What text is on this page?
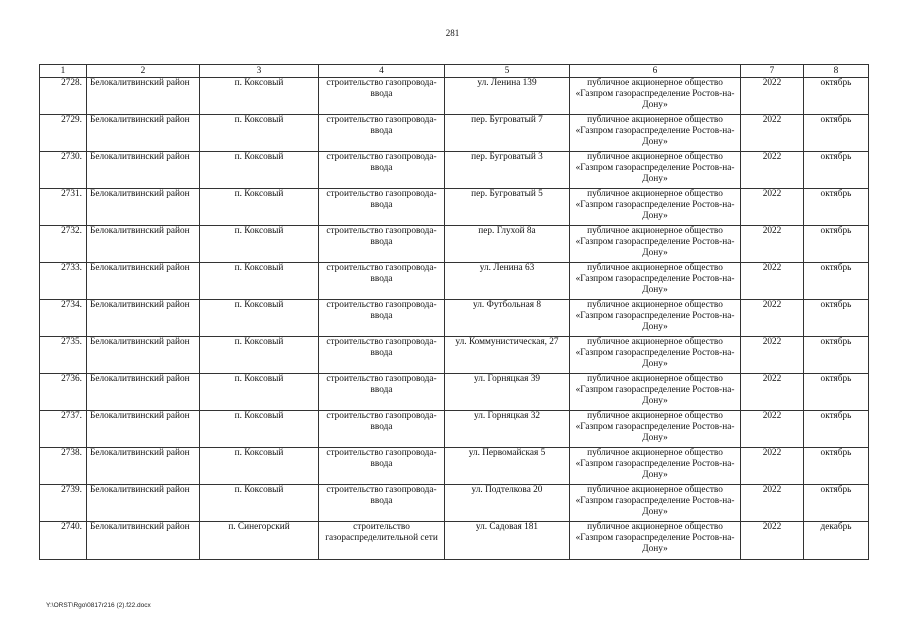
281
1	2	3	4	5	6	7	8
2728.	Белокалитвинский район	п. Коксовый	строительство газопровода-ввода	ул. Ленина 139	публичное акционерное общество «Газпром газораспределение Ростов-на-Дону»	2022	октябрь
2729.	Белокалитвинский район	п. Коксовый	строительство газопровода-ввода	пер. Бугроватый 7	публичное акционерное общество «Газпром газораспределение Ростов-на-Дону»	2022	октябрь
2730.	Белокалитвинский район	п. Коксовый	строительство газопровода-ввода	пер. Бугроватый 3	публичное акционерное общество «Газпром газораспределение Ростов-на-Дону»	2022	октябрь
2731.	Белокалитвинский район	п. Коксовый	строительство газопровода-ввода	пер. Бугроватый 5	публичное акционерное общество «Газпром газораспределение Ростов-на-Дону»	2022	октябрь
2732.	Белокалитвинский район	п. Коксовый	строительство газопровода-ввода	пер. Глухой 8а	публичное акционерное общество «Газпром газораспределение Ростов-на-Дону»	2022	октябрь
2733.	Белокалитвинский район	п. Коксовый	строительство газопровода-ввода	ул. Ленина 63	публичное акционерное общество «Газпром газораспределение Ростов-на-Дону»	2022	октябрь
2734.	Белокалитвинский район	п. Коксовый	строительство газопровода-ввода	ул. Футбольная 8	публичное акционерное общество «Газпром газораспределение Ростов-на-Дону»	2022	октябрь
2735.	Белокалитвинский район	п. Коксовый	строительство газопровода-ввода	ул. Коммунистическая, 27	публичное акционерное общество «Газпром газораспределение Ростов-на-Дону»	2022	октябрь
2736.	Белокалитвинский район	п. Коксовый	строительство газопровода-ввода	ул. Горняцкая 39	публичное акционерное общество «Газпром газораспределение Ростов-на-Дону»	2022	октябрь
2737.	Белокалитвинский район	п. Коксовый	строительство газопровода-ввода	ул. Горняцкая 32	публичное акционерное общество «Газпром газораспределение Ростов-на-Дону»	2022	октябрь
2738.	Белокалитвинский район	п. Коксовый	строительство газопровода-ввода	ул. Первомайская 5	публичное акционерное общество «Газпром газораспределение Ростов-на-Дону»	2022	октябрь
2739.	Белокалитвинский район	п. Коксовый	строительство газопровода-ввода	ул. Подтелкова 20	публичное акционерное общество «Газпром газораспределение Ростов-на-Дону»	2022	октябрь
2740.	Белокалитвинский район	п. Синегорский	строительство газораспределительной сети	ул. Садовая 181	публичное акционерное общество «Газпром газораспределение Ростов-на-Дону»	2022	декабрь
Y:\ORST\Rgo\0817r216 (2).f22.docx
